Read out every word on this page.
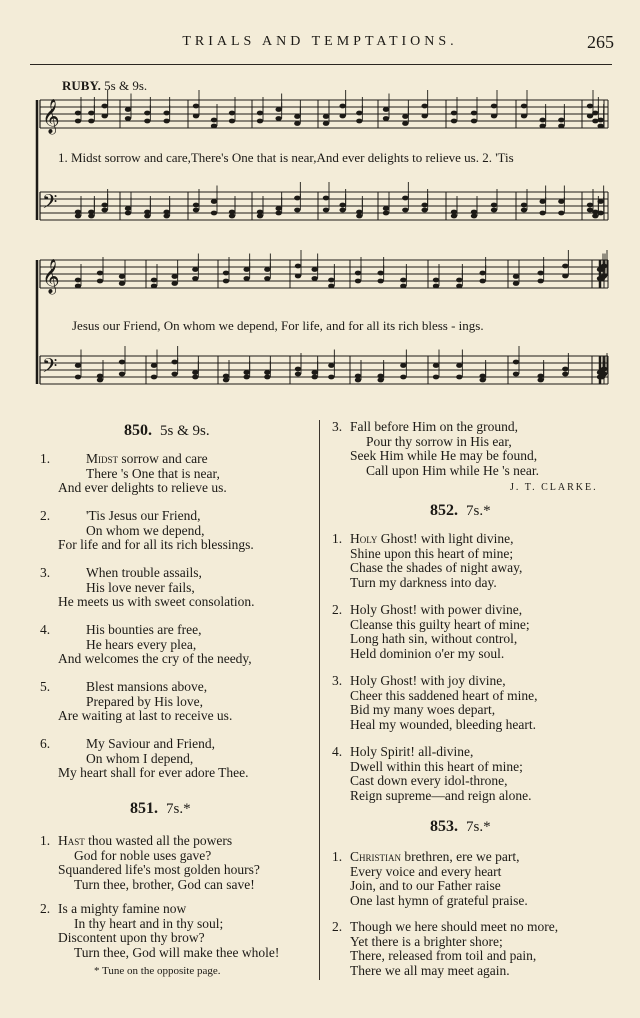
TRIALS AND TEMPTATIONS.	265
RUBY. 5s & 9s.
𝄞
𝄢
𝄞
𝄢
1. Midst sorrow and care,There's One that is near,And ever delights to relieve us. 2. 'Tis
Jesus our Friend, On whom we depend, For life, and for all its rich bless - ings.
850. 5s & 9s.
1.	Midst sorrow and care
There 's One that is near,
And ever delights to relieve us.
2.	'Tis Jesus our Friend,
On whom we depend,
For life and for all its rich blessings.
3.	When trouble assails,
His love never fails,
He meets us with sweet consolation.
4.	His bounties are free,
He hears every plea,
And welcomes the cry of the needy,
5.	Blest mansions above,
Prepared by His love,
Are waiting at last to receive us.
6.	My Saviour and Friend,
On whom I depend,
My heart shall for ever adore Thee.
851. 7s.*
1. Hast thou wasted all the powers
God for noble uses gave?
Squandered life's most golden hours?
Turn thee, brother, God can save!
2. Is a mighty famine now
In thy heart and in thy soul;
Discontent upon thy brow?
Turn thee, God will make thee whole!
* Tune on the opposite page.
3. Fall before Him on the ground,
Pour thy sorrow in His ear,
Seek Him while He may be found,
Call upon Him while He 's near.
J. T. CLARKE.
852. 7s.*
1. Holy Ghost! with light divine,
Shine upon this heart of mine;
Chase the shades of night away,
Turn my darkness into day.
2. Holy Ghost! with power divine,
Cleanse this guilty heart of mine;
Long hath sin, without control,
Held dominion o'er my soul.
3. Holy Ghost! with joy divine,
Cheer this saddened heart of mine,
Bid my many woes depart,
Heal my wounded, bleeding heart.
4. Holy Spirit! all-divine,
Dwell within this heart of mine;
Cast down every idol-throne,
Reign supreme—and reign alone.
853. 7s.*
1. Christian brethren, ere we part,
Every voice and every heart
Join, and to our Father raise
One last hymn of grateful praise.
2. Though we here should meet no more,
Yet there is a brighter shore;
There, released from toil and pain,
There we all may meet again.
